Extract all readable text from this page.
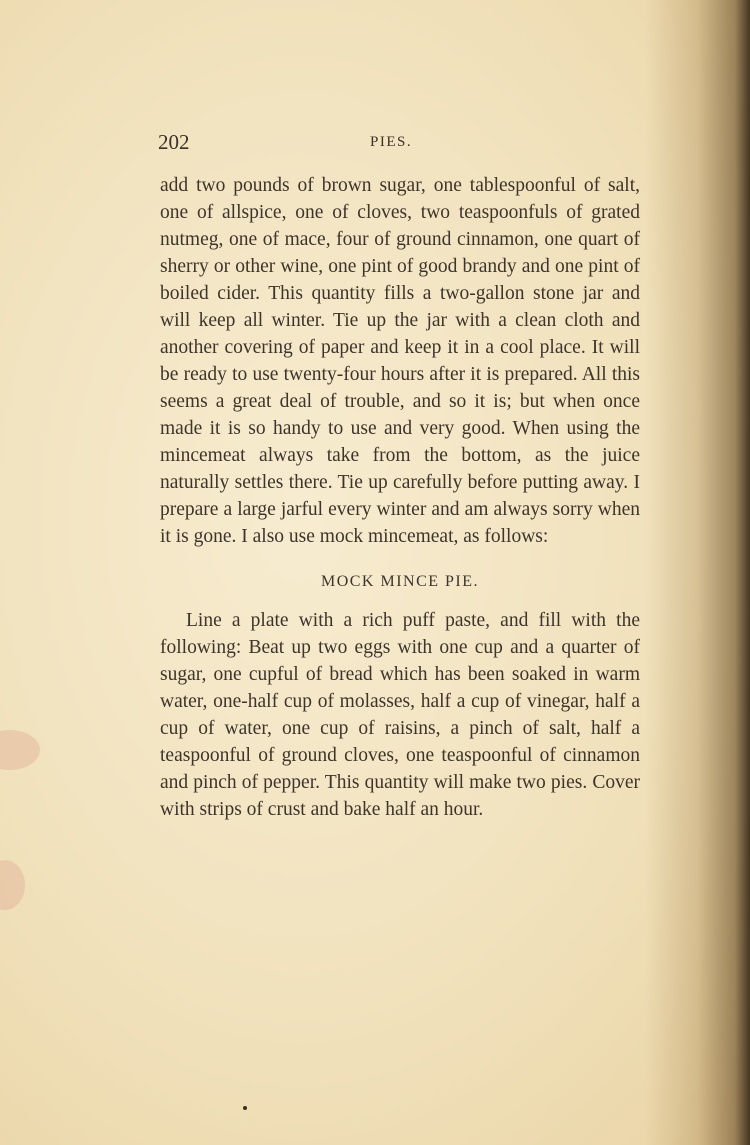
202	PIES.

add two pounds of brown sugar, one tablespoonful of salt, one of allspice, one of cloves, two teaspoonfuls of grated nutmeg, one of mace, four of ground cinnamon, one quart of sherry or other wine, one pint of good brandy and one pint of boiled cider. This quantity fills a two-gallon stone jar and will keep all winter. Tie up the jar with a clean cloth and another covering of paper and keep it in a cool place. It will be ready to use twenty-four hours after it is prepared. All this seems a great deal of trouble, and so it is; but when once made it is so handy to use and very good. When using the mincemeat always take from the bottom, as the juice naturally settles there. Tie up carefully before putting away. I prepare a large jarful every winter and am always sorry when it is gone. I also use mock mincemeat, as follows:

MOCK MINCE PIE.

Line a plate with a rich puff paste, and fill with the following: Beat up two eggs with one cup and a quarter of sugar, one cupful of bread which has been soaked in warm water, one-half cup of molasses, half a cup of vinegar, half a cup of water, one cup of raisins, a pinch of salt, half a teaspoonful of ground cloves, one teaspoonful of cinnamon and pinch of pepper. This quantity will make two pies. Cover with strips of crust and bake half an hour.
